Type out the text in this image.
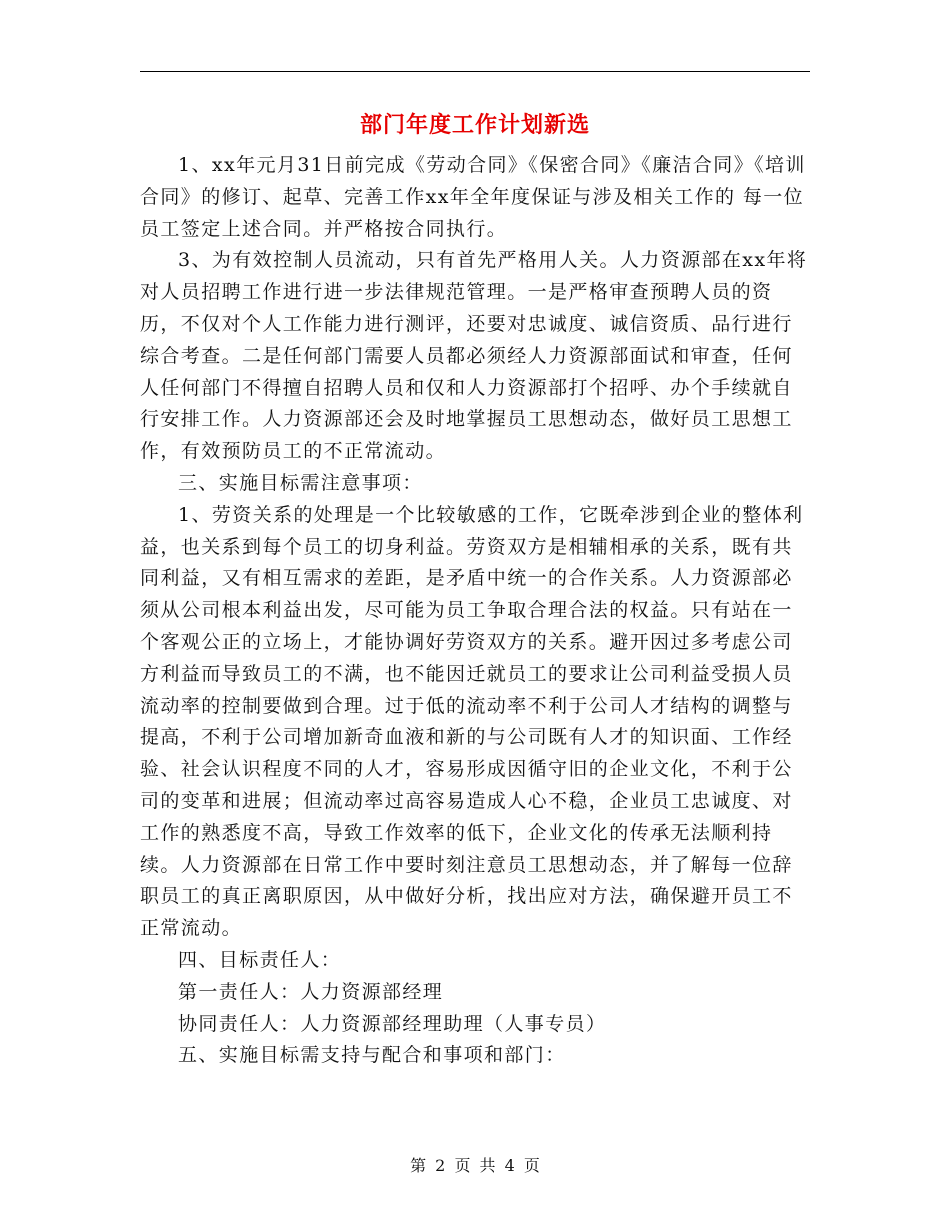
部门年度工作计划新选

1、xx年元月31日前完成《劳动合同》《保密合同》《廉洁合同》《培训合同》的修订、起草、完善工作xx年全年度保证与涉及相关工作的 每一位员工签定上述合同。并严格按合同执行。

3、为有效控制人员流动，只有首先严格用人关。人力资源部在xx年将对人员招聘工作进行进一步法律规范管理。一是严格审查预聘人员的资历，不仅对个人工作能力进行测评，还要对忠诚度、诚信资质、品行进行综合考查。二是任何部门需要人员都必须经人力资源部面试和审查，任何人任何部门不得擅自招聘人员和仅和人力资源部打个招呼、办个手续就自行安排工作。人力资源部还会及时地掌握员工思想动态，做好员工思想工作，有效预防员工的不正常流动。

三、实施目标需注意事项：

1、劳资关系的处理是一个比较敏感的工作，它既牵涉到企业的整体利益，也关系到每个员工的切身利益。劳资双方是相辅相承的关系，既有共同利益，又有相互需求的差距，是矛盾中统一的合作关系。人力资源部必须从公司根本利益出发，尽可能为员工争取合理合法的权益。只有站在一个客观公正的立场上，才能协调好劳资双方的关系。避开因过多考虑公司方利益而导致员工的不满，也不能因迁就员工的要求让公司利益受损人员流动率的控制要做到合理。过于低的流动率不利于公司人才结构的调整与提高，不利于公司增加新奇血液和新的与公司既有人才的知识面、工作经验、社会认识程度不同的人才，容易形成因循守旧的企业文化，不利于公司的变革和进展；但流动率过高容易造成人心不稳，企业员工忠诚度、对工作的熟悉度不高，导致工作效率的低下，企业文化的传承无法顺利持续。人力资源部在日常工作中要时刻注意员工思想动态，并了解每一位辞职员工的真正离职原因，从中做好分析，找出应对方法，确保避开员工不正常流动。

四、目标责任人：

第一责任人：人力资源部经理

协同责任人：人力资源部经理助理（人事专员）

五、实施目标需支持与配合和事项和部门：

第 2 页 共 4 页
